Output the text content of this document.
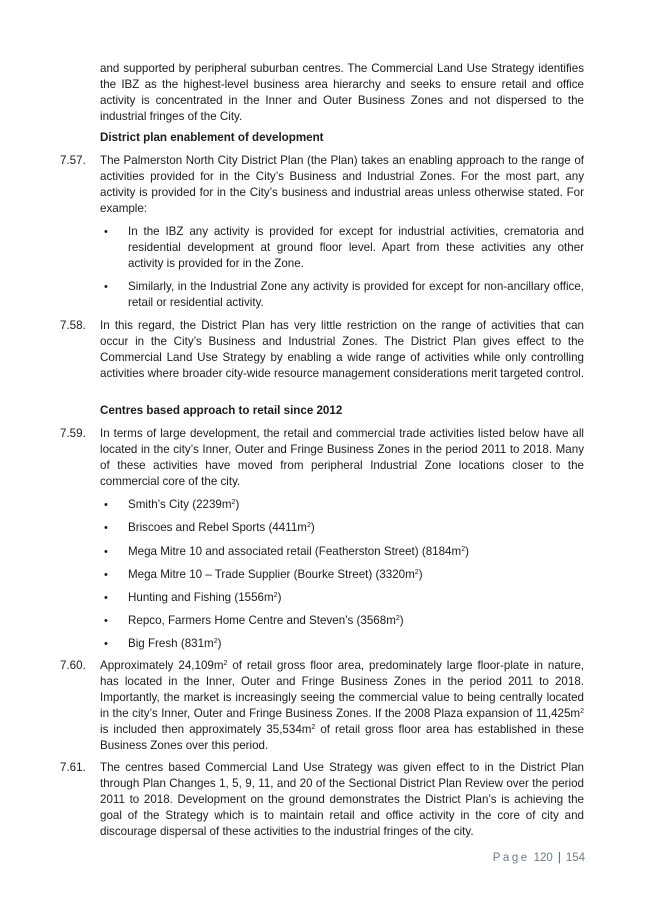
and supported by peripheral suburban centres. The Commercial Land Use Strategy identifies the IBZ as the highest-level business area hierarchy and seeks to ensure retail and office activity is concentrated in the Inner and Outer Business Zones and not dispersed to the industrial fringes of the City.
District plan enablement of development
7.57. The Palmerston North City District Plan (the Plan) takes an enabling approach to the range of activities provided for in the City’s Business and Industrial Zones. For the most part, any activity is provided for in the City’s business and industrial areas unless otherwise stated. For example:
• In the IBZ any activity is provided for except for industrial activities, crematoria and residential development at ground floor level. Apart from these activities any other activity is provided for in the Zone.
• Similarly, in the Industrial Zone any activity is provided for except for non-ancillary office, retail or residential activity.
7.58. In this regard, the District Plan has very little restriction on the range of activities that can occur in the City’s Business and Industrial Zones. The District Plan gives effect to the Commercial Land Use Strategy by enabling a wide range of activities while only controlling activities where broader city-wide resource management considerations merit targeted control.
Centres based approach to retail since 2012
7.59. In terms of large development, the retail and commercial trade activities listed below have all located in the city’s Inner, Outer and Fringe Business Zones in the period 2011 to 2018. Many of these activities have moved from peripheral Industrial Zone locations closer to the commercial core of the city.
• Smith’s City $(2239m^2)$
• Briscoes and Rebel Sports $(4411m^2)$
• Mega Mitre 10 and associated retail (Featherston Street) $(8184m^2)$
• Mega Mitre 10 – Trade Supplier (Bourke Street) $(3320m^2)$
• Hunting and Fishing $(1556m^2)$
• Repco, Farmers Home Centre and Steven’s $(3568m^2)$
• Big Fresh $(831m^2)$
7.60. Approximately $24,109m^2$ of retail gross floor area, predominately large floor-plate in nature, has located in the Inner, Outer and Fringe Business Zones in the period 2011 to 2018. Importantly, the market is increasingly seeing the commercial value to being centrally located in the city’s Inner, Outer and Fringe Business Zones. If the 2008 Plaza expansion of $11,425m^2$ is included then approximately $35,534m^2$ of retail gross floor area has established in these Business Zones over this period.
7.61. The centres based Commercial Land Use Strategy was given effect to in the District Plan through Plan Changes 1, 5, 9, 11, and 20 of the Sectional District Plan Review over the period 2011 to 2018. Development on the ground demonstrates the District Plan’s is achieving the goal of the Strategy which is to maintain retail and office activity in the core of city and discourage dispersal of these activities to the industrial fringes of the city.
Page 120 | 154
